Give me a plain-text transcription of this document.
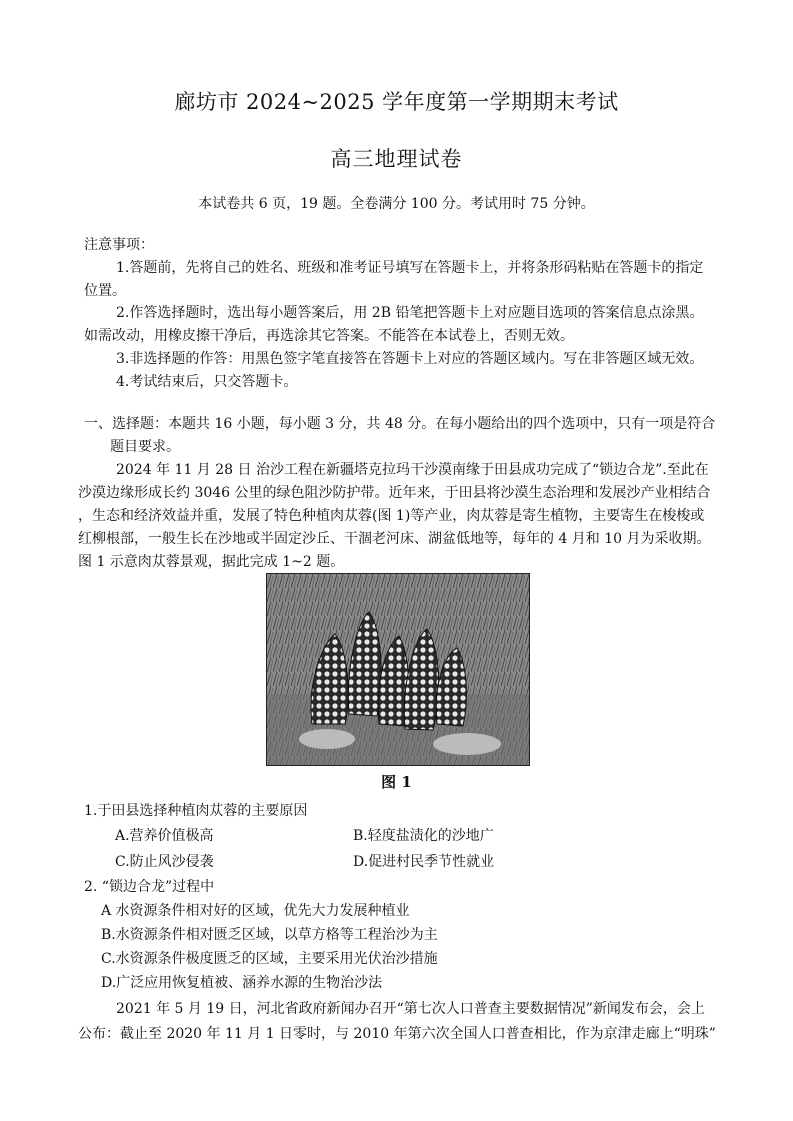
廊坊市 2024~2025 学年度第一学期期末考试
高三地理试卷
本试卷共 6 页，19 题。全卷满分 100 分。考试用时 75 分钟。
注意事项：
1.答题前，先将自己的姓名、班级和准考证号填写在答题卡上，并将条形码粘贴在答题卡的指定
位置。
2.作答选择题时，选出每小题答案后，用 2B 铅笔把答题卡上对应题目选项的答案信息点涂黑。
如需改动，用橡皮擦干净后，再选涂其它答案。不能答在本试卷上，否则无效。
3.非选择题的作答：用黑色签字笔直接答在答题卡上对应的答题区域内。写在非答题区域无效。
4.考试结束后，只交答题卡。
一、选择题：本题共 16 小题，每小题 3 分，共 48 分。在每小题给出的四个选项中，只有一项是符合
题目要求。
2024 年 11 月 28 日 治沙工程在新疆塔克拉玛干沙漠南缘于田县成功完成了“锁边合龙”.至此在
沙漠边缘形成长约 3046 公里的绿色阻沙防护带。近年来，于田县将沙漠生态治理和发展沙产业相结合
，生态和经济效益并重，发展了特色种植肉苁蓉(图 1)等产业，肉苁蓉是寄生植物，主要寄生在梭梭或
红柳根部，一般生长在沙地或半固定沙丘、干涸老河床、湖盆低地等，每年的 4 月和 10 月为采收期。
图 1 示意肉苁蓉景观，据此完成 1~2 题。
图 1
1.于田县选择种植肉苁蓉的主要原因
A.营养价值极高	B.轻度盐渍化的沙地广
C.防止风沙侵袭	D.促进村民季节性就业
2. “锁边合龙”过程中
A 水资源条件相对好的区域，优先大力发展种植业
B.水资源条件相对匮乏区域，以草方格等工程治沙为主
C.水资源条件极度匮乏的区域，主要采用光伏治沙措施
D.广泛应用恢复植被、涵养水源的生物治沙法
2021 年 5 月 19 日，河北省政府新闻办召开“第七次人口普查主要数据情况”新闻发布会，会上
公布：截止至 2020 年 11 月 1 日零时，与 2010 年第六次全国人口普查相比，作为京津走廊上“明珠”
